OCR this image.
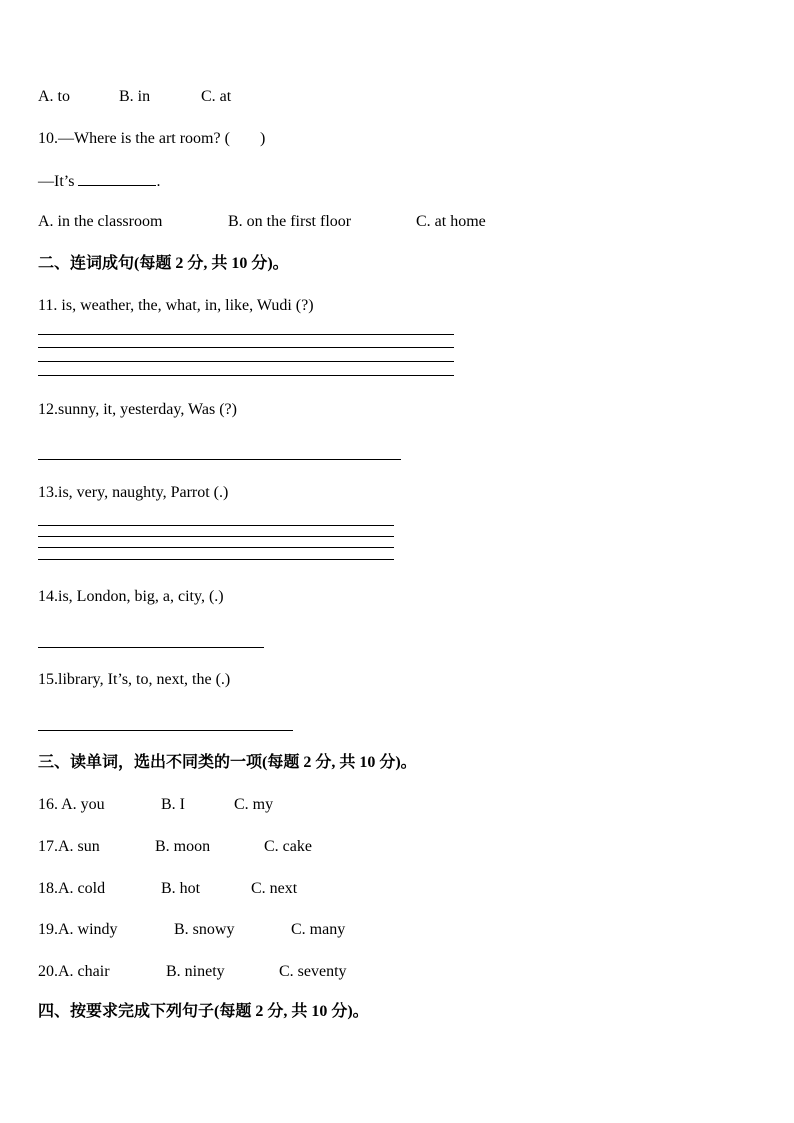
A. to	B. in	C. at
10.—Where is the art room? ( )
—It’s	.
A. in the classroom	B. on the first floor	C. at home
二、连词成句(每题 2 分, 共 10 分)。
11. is, weather, the, what, in, like, Wudi (?)
12.sunny, it, yesterday, Was (?)
13.is, very, naughty, Parrot (.)
14.is, London, big, a, city, (.)
15.library, It’s, to, next, the (.)
三、读单词，选出不同类的一项(每题 2 分, 共 10 分)。
16. A. you	B. I	C. my
17.A. sun	B. moon	C. cake
18.A. cold	B. hot	C. next
19.A. windy	B. snowy	C. many
20.A. chair	B. ninety	C. seventy
四、按要求完成下列句子(每题 2 分, 共 10 分)。
